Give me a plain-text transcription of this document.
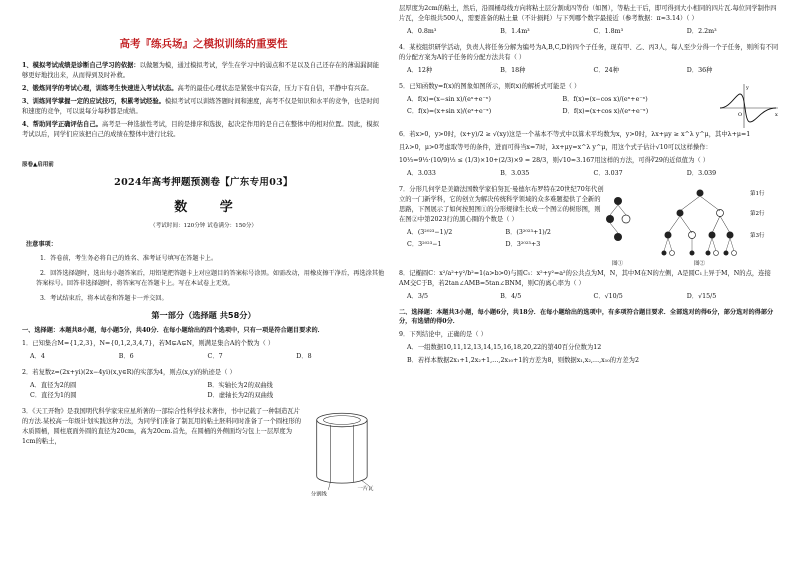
高考『练兵场』之模拟训练的重要性

1、模拟考试成绩是诊断自己学习的依据：以做题为模，通过模拟考试，学生在学习中的弱点和不足以及自己还存在的薄弱漏洞能够更好地找出来，从而得到及时补救。

2、锻炼同学的考试心理，训练考生快速进入考试状态。高考的最佳心理状态是紧张中有兴奋，压力下有自信，平静中有兴奋。

3、训练同学掌握一定的应试技巧，积累考试经验。模拟考试可以训练答题时间和速度，高考不仅是知识和水平的竞争，也是时间和速度的竞争，可以说每分每秒都是成绩。

4、帮助同学正确评估自己。高考是一种选拔性考试，目的是排序和选拔，起决定作用的是自己在整体中的相对位置。因此，模拟考试以后，同学们应该把自己的成绩在整体中进行比较。

原卷▲启用前
2024年高考押题预测卷【广东专用03】
数 学
（考试时间：120分钟 试卷满分：150分）
注意事项：

1．答卷前，考生务必将自己的姓名、准考证号填写在答题卡上。

2．回答选择题时，选出每小题答案后，用铅笔把答题卡上对应题目的答案标号涂黑。如需改动，用橡皮擦干净后，再选涂其他答案标号。回答非选择题时，将答案写在答题卡上。写在本试卷上无效。

3．考试结束后，将本试卷和答题卡一并交回。

第一部分（选择题 共58分）

一、选择题：本题共8小题，每小题5分，共40分．在每小题给出的四个选项中，只有一项是符合题目要求的．

1．已知集合M={1,2,3}，N={0,1,2,3,4,7}，若M⊊A⊊N，则满足集合A的个数为（ ）

A．4	B．6	C．7	D．8

2．若复数z=(2x+yi)(2x−4yi)(x,y∈R)的实部为4，则点(x,y)的轨迹是（ ）

A．直径为2的圆	B．实轴长为2的双曲线
C．直径为1的圆	D．虚轴长为2的双曲线

3．《天工开物》是我国明代科学家宋应星所著的一部综合性科学技术著作，书中记载了一种制造瓦片的方法.某校高一年级计划实践这种方法，为同学们准备了制瓦用的粘土胚料同时准备了一个圆柱形的木质圆桶，圆柱底面外圆的直径为20cm，高为20cm.首先，在圆桶的外侧面均匀包上一层厚度为1cm的粘土，

分割线
一片瓦

层厚度为2cm的粘土，然后，沿圆桶母线方向将粘土层分割成四等份（如图），等粘土干后，即可得到大小相同的四片瓦.每位同学制作四片瓦，全年级共500人，需要准备的粘土量（不计损耗）与下列哪个数字最接近（参考数据：π≈3.14）（ ）

A．0.8m³	B．1.4m³	C．1.8m³	D．2.2m³

4．某校组织研学活动，负责人将任务分解为编号为A,B,C,D的四个子任务，现有甲、乙、丙3人，每人至少分得一个子任务，则所有不同的分配方案为A的子任务的分配方法共有（ ）

A．12种	B．18种	C．24种	D．36种

5．已知函数y=f(x)的图象如图所示，则f(x)的解析式可能是（ ）

A．f(x)=(x−sin x)/(eˣ+e⁻ˣ)	B．f(x)=(x−cos x)/(eˣ+e⁻ˣ)
C．f(x)=(x+sin x)/(eˣ+e⁻ˣ)	D．f(x)=(x+cos x)/(eˣ+e⁻ˣ)	O	x
y

6．若x>0，y>0时，(x+y)/2 ≥ √(xy)这是一个基本不等式中以算术平均数为x，y>0时，λx+μy ≥ x^λ y^μ，其中λ+μ=1

且λ>0，μ>0考虑取等号的条件，进而可得当x=7时，λx+μy=x^λ y^μ，用这个式子估计√10可以这样操作：

10⅓=9⅓·(10/9)⅓ ≤ (1/3)×10+(2/3)×9 = 28/3，则√10≈3.167用这样的方法，可得∛29的近似值为（ ）

A．3.033	B．3.035	C．3.037	D．3.039

7．分形几何学是美籍法国数学家伯努瓦·曼德尔布罗特在20世纪70年代创立的一门新学科，它的创立为解决传统科学领域的众多难题提供了全新的思路，下图展示了如何按照图①的分形规律生长成一个图②的树形图，则在图②中第2023行的黑心圈的个数是（ ）

A．(3²⁰²³−1)/2	B．(3²⁰²³+1)/2
C．3²⁰²³−1	D．3²⁰²³+3
图①
第1行
第2行
第3行
图②

8．记椭圆C：x²/a²+y²/b²=1(a>b>0)与圆C₁：x²+y²=a²的公共点为M，N，其中M在N的左侧，A是圆C₁上异于M，N的点，连接AM交C于B，若2tan∠AMB=5tan∠BNM，则C的离心率为（ ）

A．3/5	B．4/5	C．√10/5	D．√15/5

二、选择题：本题共3小题，每小题6分，共18分．在每小题给出的选项中，有多项符合题目要求．全部选对的得6分，部分选对的得部分分，有选错的得0分．

9．下列结论中，正确的是（ ）

A．一组数据10,11,12,13,14,15,16,18,20,22的第40百分位数为12

B．若样本数据2x₁+1,2x₂+1,…,2x₁₀+1的方差为8，则数据x₁,x₂,…,x₁₀的方差为2
